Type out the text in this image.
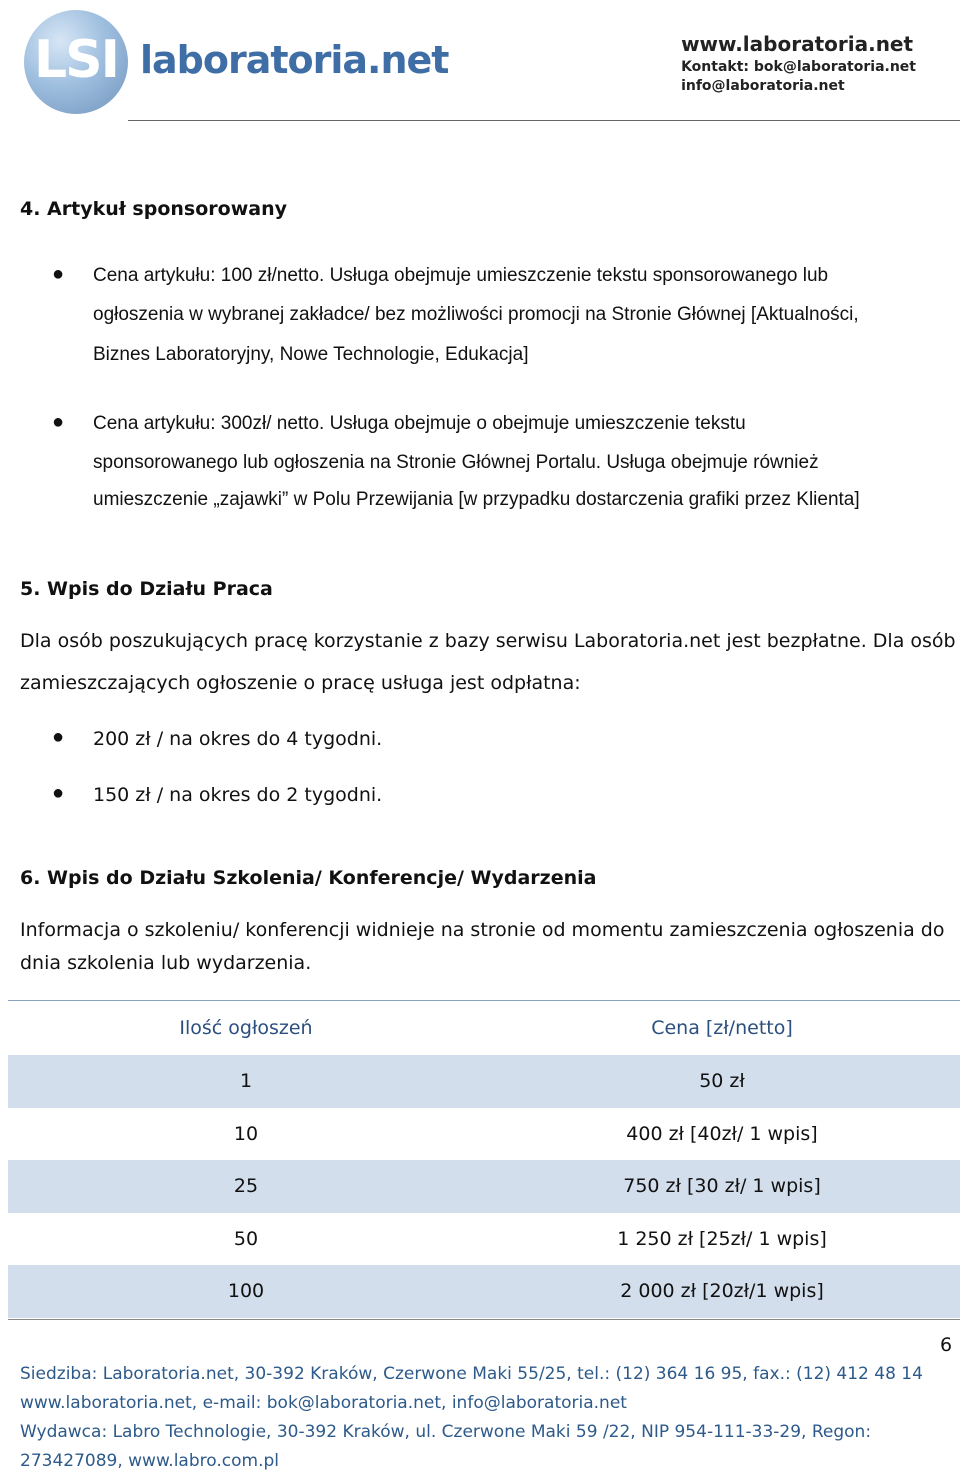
LSI laboratoria.net	www.laboratoria.net
Kontakt: bok@laboratoria.net
info@laboratoria.net
4. Artykuł sponsorowany
● Cena artykułu: 100 zł/netto. Usługa obejmuje umieszczenie tekstu sponsorowanego lub
ogłoszenia w wybranej zakładce/ bez możliwości promocji na Stronie Głównej [Aktualności,
Biznes Laboratoryjny, Nowe Technologie, Edukacja]
● Cena artykułu: 300zł/ netto. Usługa obejmuje o obejmuje umieszczenie tekstu
sponsorowanego lub ogłoszenia na Stronie Głównej Portalu. Usługa obejmuje również
umieszczenie „zajawki” w Polu Przewijania [w przypadku dostarczenia grafiki przez Klienta]
5. Wpis do Działu Praca
Dla osób poszukujących pracę korzystanie z bazy serwisu Laboratoria.net jest bezpłatne. Dla osób
zamieszczających ogłoszenie o pracę usługa jest odpłatna:
● 200 zł / na okres do 4 tygodni.
● 150 zł / na okres do 2 tygodni.
6. Wpis do Działu Szkolenia/ Konferencje/ Wydarzenia
Informacja o szkoleniu/ konferencji widnieje na stronie od momentu zamieszczenia ogłoszenia do
dnia szkolenia lub wydarzenia.
Ilość ogłoszeń	Cena [zł/netto]
1	50 zł
10	400 zł [40zł/ 1 wpis]
25	750 zł [30 zł/ 1 wpis]
50	1 250 zł [25zł/ 1 wpis]
100	2 000 zł [20zł/1 wpis]
6
Siedziba: Laboratoria.net, 30-392 Kraków, Czerwone Maki 55/25, tel.: (12) 364 16 95, fax.: (12) 412 48 14
www.laboratoria.net, e-mail: bok@laboratoria.net, info@laboratoria.net
Wydawca: Labro Technologie, 30-392 Kraków, ul. Czerwone Maki 59 /22, NIP 954-111-33-29, Regon:
273427089, www.labro.com.pl
